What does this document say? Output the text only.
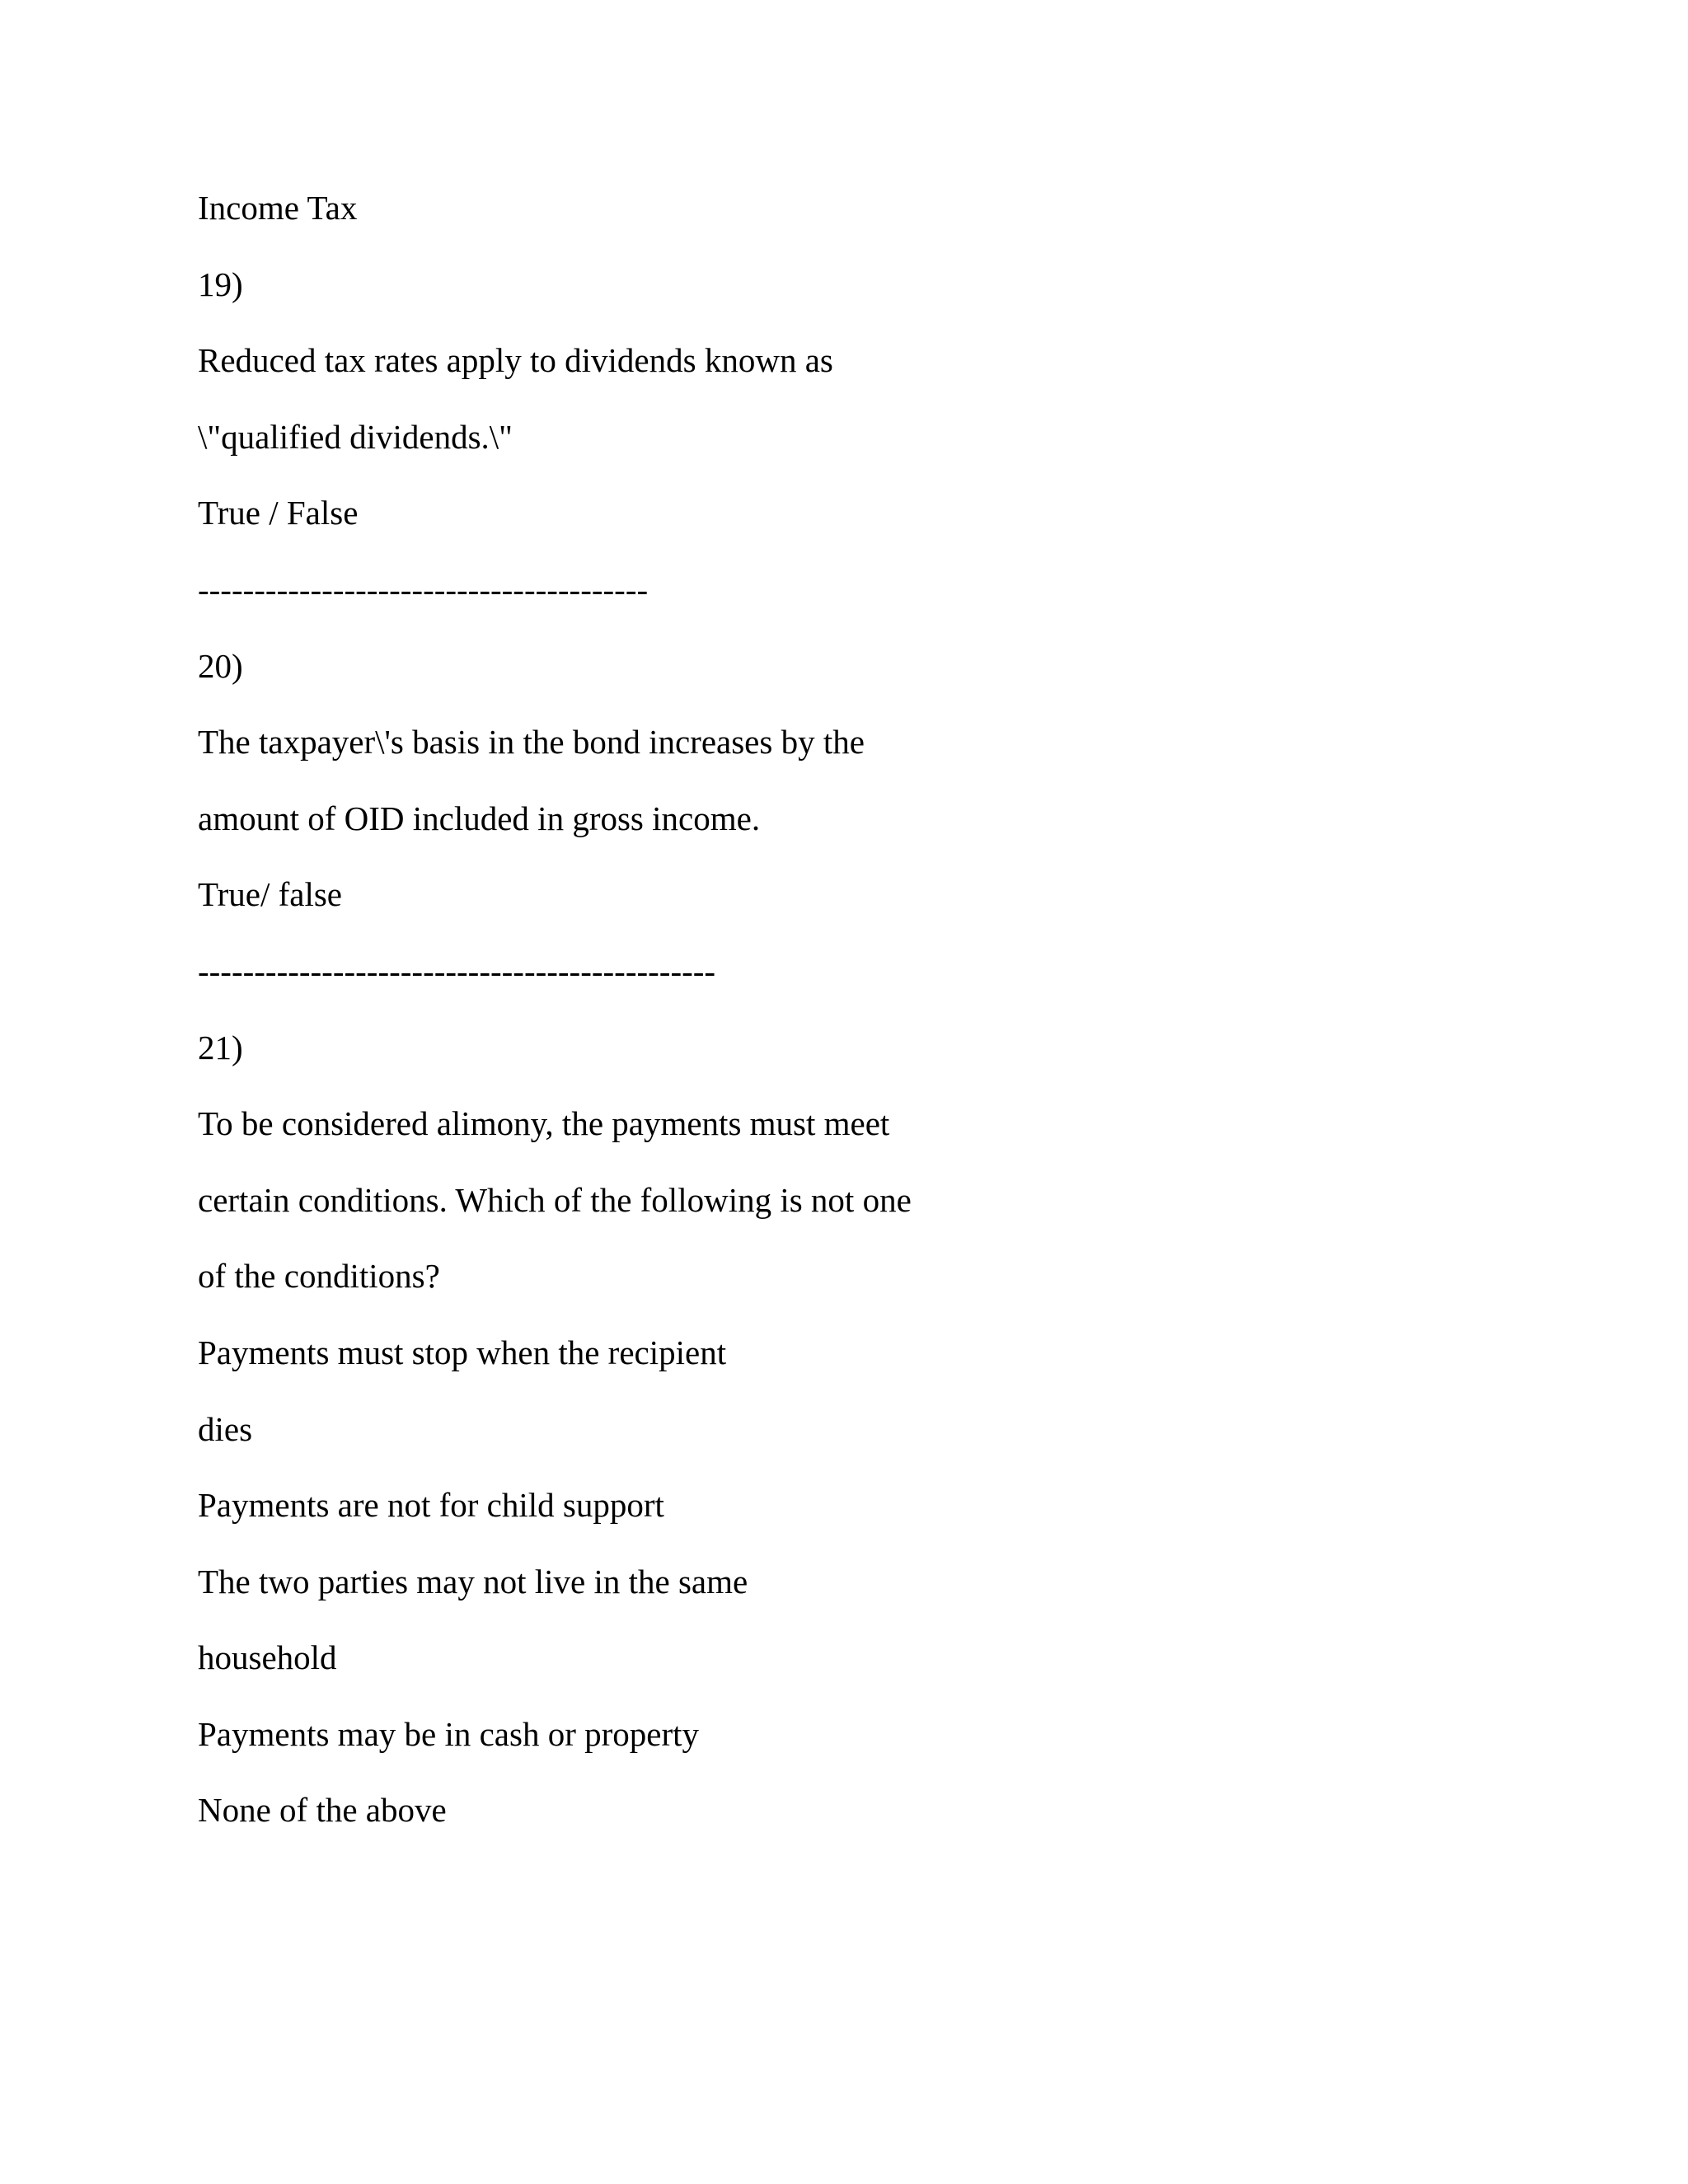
Income Tax

19)

Reduced tax rates apply to dividends known as

\"qualified dividends.\"

True / False

----------------------------------------

20)

The taxpayer\'s basis in the bond increases by the

amount of OID included in gross income.

True/ false

----------------------------------------------

21)

To be considered alimony, the payments must meet

certain conditions. Which of the following is not one

of the conditions?

Payments must stop when the recipient

dies

Payments are not for child support

The two parties may not live in the same

household

Payments may be in cash or property

None of the above
